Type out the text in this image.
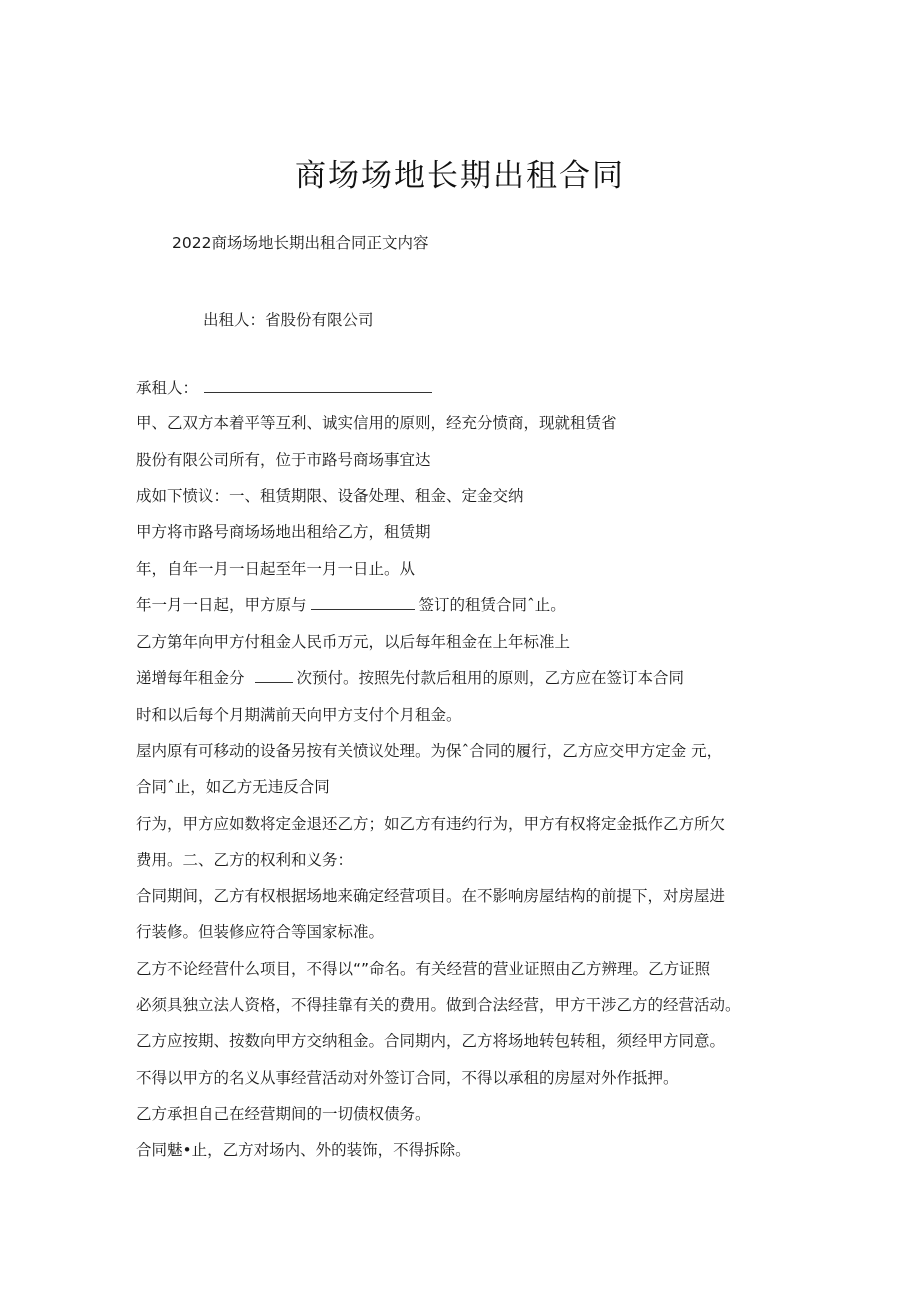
商场场地长期出租合同
2022商场场地长期出租合同正文内容
出租人：省股份有限公司
承租人：
甲、乙双方本着平等互利、诚实信用的原则，经充分愤商，现就租赁省
股份有限公司所有，位于市路号商场事宜达
成如下愤议：一、租赁期限、设备处理、租金、定金交纳
甲方将市路号商场场地出租给乙方，租赁期
年，自年一月一日起至年一月一日止。从
年一月一日起，甲方原与	签订的租赁合同ˆ止。
乙方第年向甲方付租金人民币万元，以后每年租金在上年标准上
递增每年租金分	次预付。按照先付款后租用的原则，乙方应在签订本合同
时和以后每个月期满前天向甲方支付个月租金。
屋内原有可移动的设备另按有关愤议处理。为保ˆ合同的履行，乙方应交甲方定金 元，
合同ˆ止，如乙方无违反合同
行为，甲方应如数将定金退还乙方；如乙方有违约行为，甲方有权将定金抵作乙方所欠
费用。二、乙方的权利和义务：
合同期间，乙方有权根据场地来确定经营项目。在不影响房屋结构的前提下，对房屋进
行装修。但装修应符合等国家标准。
乙方不论经营什么项目，不得以“”命名。有关经营的营业证照由乙方辨理。乙方证照
必须具独立法人资格，不得挂靠有关的费用。做到合法经营，甲方干涉乙方的经营活动。
乙方应按期、按数向甲方交纳租金。合同期内，乙方将场地转包转租，须经甲方同意。
不得以甲方的名义从事经营活动对外签订合同，不得以承租的房屋对外作抵押。
乙方承担自己在经营期间的一切债权债务。
合同魅•止，乙方对场内、外的装饰，不得拆除。
